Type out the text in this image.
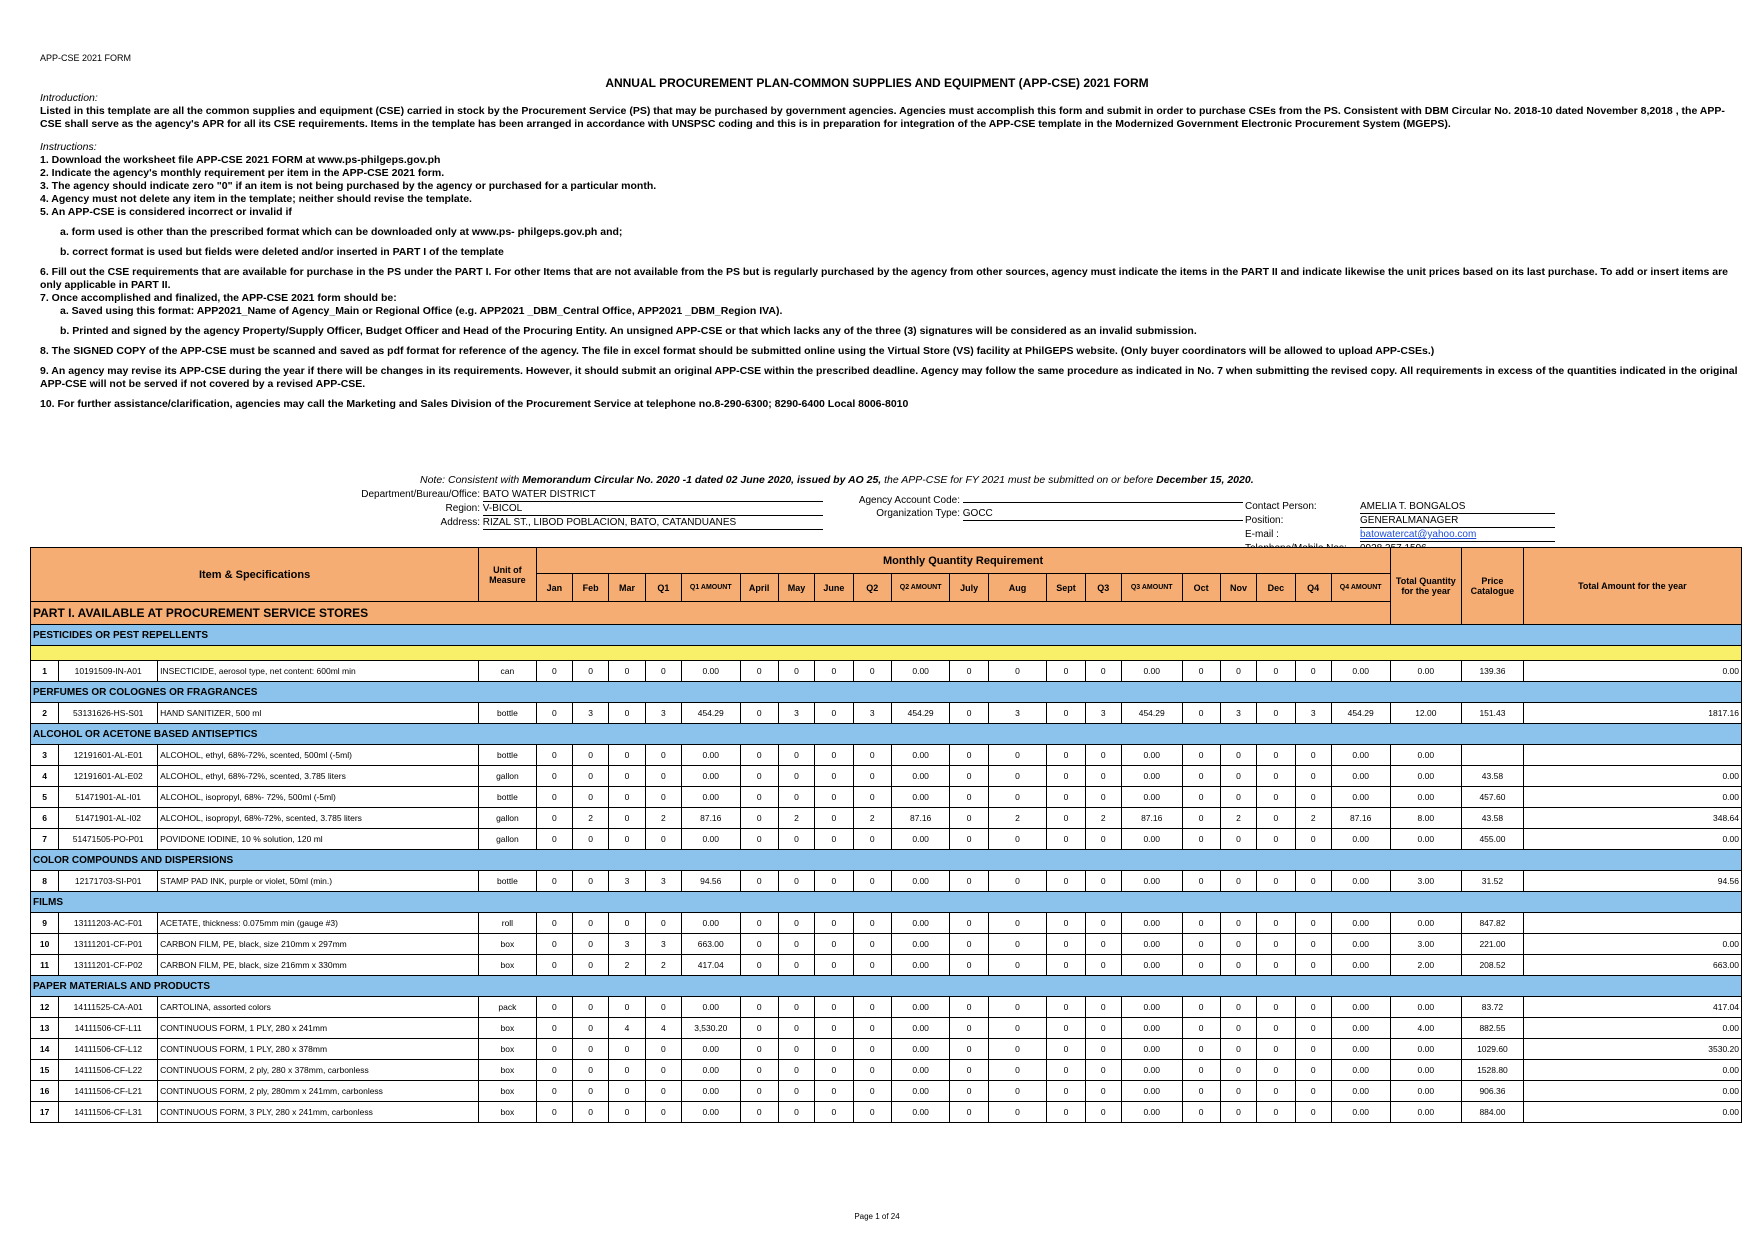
APP-CSE 2021 FORM
ANNUAL PROCUREMENT PLAN-COMMON SUPPLIES AND EQUIPMENT (APP-CSE) 2021 FORM

Introduction:

Listed in this template are all the common supplies and equipment (CSE) carried in stock by the Procurement Service (PS) that may be purchased by government agencies. Agencies must accomplish this form and submit in order to purchase CSEs from the PS. Consistent with DBM Circular No. 2018-10 dated November 8,2018 , the APP-CSE shall serve as the agency's APR for all its CSE requirements. Items in the template has been arranged in accordance with UNSPSC coding and this is in preparation for integration of the APP-CSE template in the Modernized Government Electronic Procurement System (MGEPS).

Instructions:

1. Download the worksheet file APP-CSE 2021 FORM at www.ps-philgeps.gov.ph

2. Indicate the agency's monthly requirement per item in the APP-CSE 2021 form.

3. The agency should indicate zero "0" if an item is not being purchased by the agency or purchased for a particular month.

4. Agency must not delete any item in the template; neither should revise the template.

5. An APP-CSE is considered incorrect or invalid if

a. form used is other than the prescribed format which can be downloaded only at www.ps- philgeps.gov.ph and;

b. correct format is used but fields were deleted and/or inserted in PART I of the template

6. Fill out the CSE requirements that are available for purchase in the PS under the PART I. For other Items that are not available from the PS but is regularly purchased by the agency from other sources, agency must indicate the items in the PART II and indicate likewise the unit prices based on its last purchase. To add or insert items are only applicable in PART II.

7. Once accomplished and finalized, the APP-CSE 2021 form should be:

a. Saved using this format: APP2021_Name of Agency_Main or Regional Office (e.g. APP2021 _DBM_Central Office, APP2021 _DBM_Region IVA).

b. Printed and signed by the agency Property/Supply Officer, Budget Officer and Head of the Procuring Entity. An unsigned APP-CSE or that which lacks any of the three (3) signatures will be considered as an invalid submission.

8. The SIGNED COPY of the APP-CSE must be scanned and saved as pdf format for reference of the agency. The file in excel format should be submitted online using the Virtual Store (VS) facility at PhilGEPS website. (Only buyer coordinators will be allowed to upload APP-CSEs.)

9. An agency may revise its APP-CSE during the year if there will be changes in its requirements. However, it should submit an original APP-CSE within the prescribed deadline. Agency may follow the same procedure as indicated in No. 7 when submitting the revised copy. All requirements in excess of the quantities indicated in the original APP-CSE will not be served if not covered by a revised APP-CSE.

10. For further assistance/clarification, agencies may call the Marketing and Sales Division of the Procurement Service at telephone no.8-290-6300; 8290-6400 Local 8006-8010

Note: Consistent with Memorandum Circular No. 2020 -1 dated 02 June 2020, issued by AO 25, the APP-CSE for FY 2021 must be submitted on or before December 15, 2020.
Department/Bureau/Office: BATO WATER DISTRICT
Region: V-BICOL
Address: RIZAL ST., LIBOD POBLACION, BATO, CATANDUANES
Agency Account Code:
Organization Type: GOCC
Contact Person:	AMELIA T. BONGALOS
Position:	GENERALMANAGER
E-mail :	batowatercat@yahoo.com
Item & Specifications			Unit of Measure	Monthly Quantity Requirement																				Total Quantity for the year	Price Catalogue	Total Amount for the year
				Jan	Feb	Mar	Q1	Q1 AMOUNT	April	May	June	Q2	Q2 AMOUNT	July	Aug	Sept	Q3	Q3 AMOUNT	Oct	Nov	Dec	Q4	Q4 AMOUNT			
PART I. AVAILABLE AT PROCUREMENT SERVICE STORES																										
PESTICIDES OR PEST REPELLENTS																										

1	10191509-IN-A01	INSECTICIDE, aerosol type, net content: 600ml min	can	0	0	0	0	0.00	0	0	0	0	0.00	0	0	0	0	0.00	0	0	0	0	0.00	0.00	139.36	0.00
PERFUMES OR COLOGNES OR FRAGRANCES																										
2	53131626-HS-S01	HAND SANITIZER, 500 ml	bottle	0	3	0	3	454.29	0	3	0	3	454.29	0	3	0	3	454.29	0	3	0	3	454.29	12.00	151.43	1817.16
ALCOHOL OR ACETONE BASED ANTISEPTICS																										
3	12191601-AL-E01	ALCOHOL, ethyl, 68%-72%, scented, 500ml (-5ml)	bottle	0	0	0	0	0.00	0	0	0	0	0.00	0	0	0	0	0.00	0	0	0	0	0.00	0.00		
4	12191601-AL-E02	ALCOHOL, ethyl, 68%-72%, scented, 3.785 liters	gallon	0	0	0	0	0.00	0	0	0	0	0.00	0	0	0	0	0.00	0	0	0	0	0.00	0.00	43.58	0.00
5	51471901-AL-I01	ALCOHOL, isopropyl, 68%- 72%, 500ml (-5ml)	bottle	0	0	0	0	0.00	0	0	0	0	0.00	0	0	0	0	0.00	0	0	0	0	0.00	0.00	457.60	0.00
6	51471901-AL-I02	ALCOHOL, isopropyl, 68%-72%, scented, 3.785 liters	gallon	0	2	0	2	87.16	0	2	0	2	87.16	0	2	0	2	87.16	0	2	0	2	87.16	8.00	43.58	348.64
7	51471505-PO-P01	POVIDONE IODINE, 10 % solution, 120 ml	gallon	0	0	0	0	0.00	0	0	0	0	0.00	0	0	0	0	0.00	0	0	0	0	0.00	0.00	455.00	0.00
COLOR COMPOUNDS AND DISPERSIONS																										
8	12171703-SI-P01	STAMP PAD INK, purple or violet, 50ml (min.)	bottle	0	0	3	3	94.56	0	0	0	0	0.00	0	0	0	0	0.00	0	0	0	0	0.00	3.00	31.52	94.56
FILMS																										
9	13111203-AC-F01	ACETATE, thickness: 0.075mm min (gauge #3)	roll	0	0	0	0	0.00	0	0	0	0	0.00	0	0	0	0	0.00	0	0	0	0	0.00	0.00	847.82	
10	13111201-CF-P01	CARBON FILM, PE, black, size 210mm x 297mm	box	0	0	3	3	663.00	0	0	0	0	0.00	0	0	0	0	0.00	0	0	0	0	0.00	3.00	221.00	0.00
11	13111201-CF-P02	CARBON FILM, PE, black, size 216mm x 330mm	box	0	0	2	2	417.04	0	0	0	0	0.00	0	0	0	0	0.00	0	0	0	0	0.00	2.00	208.52	663.00
PAPER MATERIALS AND PRODUCTS																										
12	14111525-CA-A01	CARTOLINA, assorted colors	pack	0	0	0	0	0.00	0	0	0	0	0.00	0	0	0	0	0.00	0	0	0	0	0.00	0.00	83.72	417.04
13	14111506-CF-L11	CONTINUOUS FORM, 1 PLY, 280 x 241mm	box	0	0	4	4	3,530.20	0	0	0	0	0.00	0	0	0	0	0.00	0	0	0	0	0.00	4.00	882.55	0.00
14	14111506-CF-L12	CONTINUOUS FORM, 1 PLY, 280 x 378mm	box	0	0	0	0	0.00	0	0	0	0	0.00	0	0	0	0	0.00	0	0	0	0	0.00	0.00	1029.60	3530.20
15	14111506-CF-L22	CONTINUOUS FORM, 2 ply, 280 x 378mm, carbonless	box	0	0	0	0	0.00	0	0	0	0	0.00	0	0	0	0	0.00	0	0	0	0	0.00	0.00	1528.80	0.00
16	14111506-CF-L21	CONTINUOUS FORM, 2 ply, 280mm x 241mm, carbonless	box	0	0	0	0	0.00	0	0	0	0	0.00	0	0	0	0	0.00	0	0	0	0	0.00	0.00	906.36	0.00
17	14111506-CF-L31	CONTINUOUS FORM, 3 PLY, 280 x 241mm, carbonless	box	0	0	0	0	0.00	0	0	0	0	0.00	0	0	0	0	0.00	0	0	0	0	0.00	0.00	884.00	0.00
Page 1 of 24
